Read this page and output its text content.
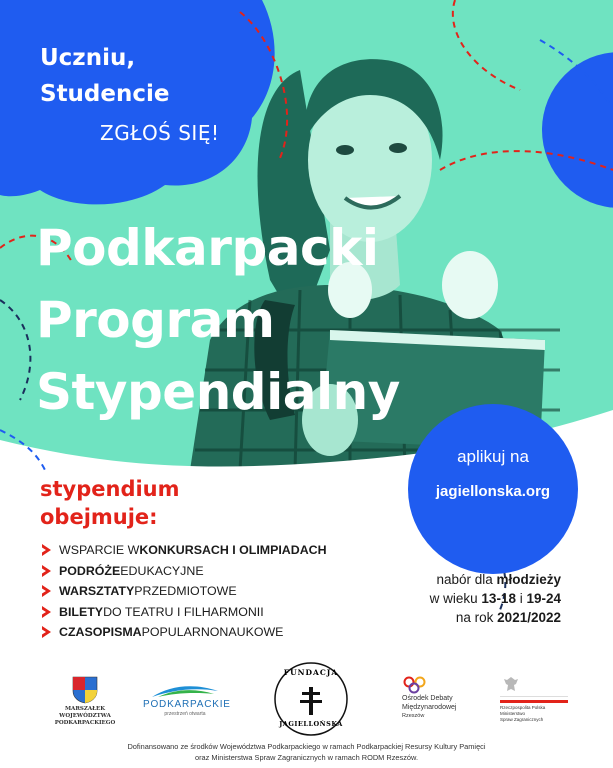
Uczniu,
Studencie
ZGŁOŚ SIĘ!
Podkarpacki
Program
Stypendialny
aplikuj na
jagiellonska.org
stypendium
obejmuje:
WSPARCIE W KONKURSACH I OLIMPIADACH
PODRÓŻE EDUKACYJNE
WARSZTATY PRZEDMIOTOWE
BILETY DO TEATRU I FILHARMONII
CZASOPISMA POPULARNONAUKOWE
nabór dla młodzieży
w wieku 13-18 i 19-24
na rok 2021/2022
MARSZAŁEK
WOJEWÓDZTWA
PODKARPACKIEGO
PODKARPACKIE
przestrzeń otwarta
FUNDACJA
JAGIELLOŃSKA
Ośrodek Debaty
Międzynarodowej
Rzeszów
Rzeczpospolita Polska
Ministerstwo
Spraw Zagranicznych
Dofinansowano ze środków Województwa Podkarpackiego w ramach Podkarpackiej Resursy Kultury Pamięci
oraz Ministerstwa Spraw Zagranicznych w ramach RODM Rzeszów.
